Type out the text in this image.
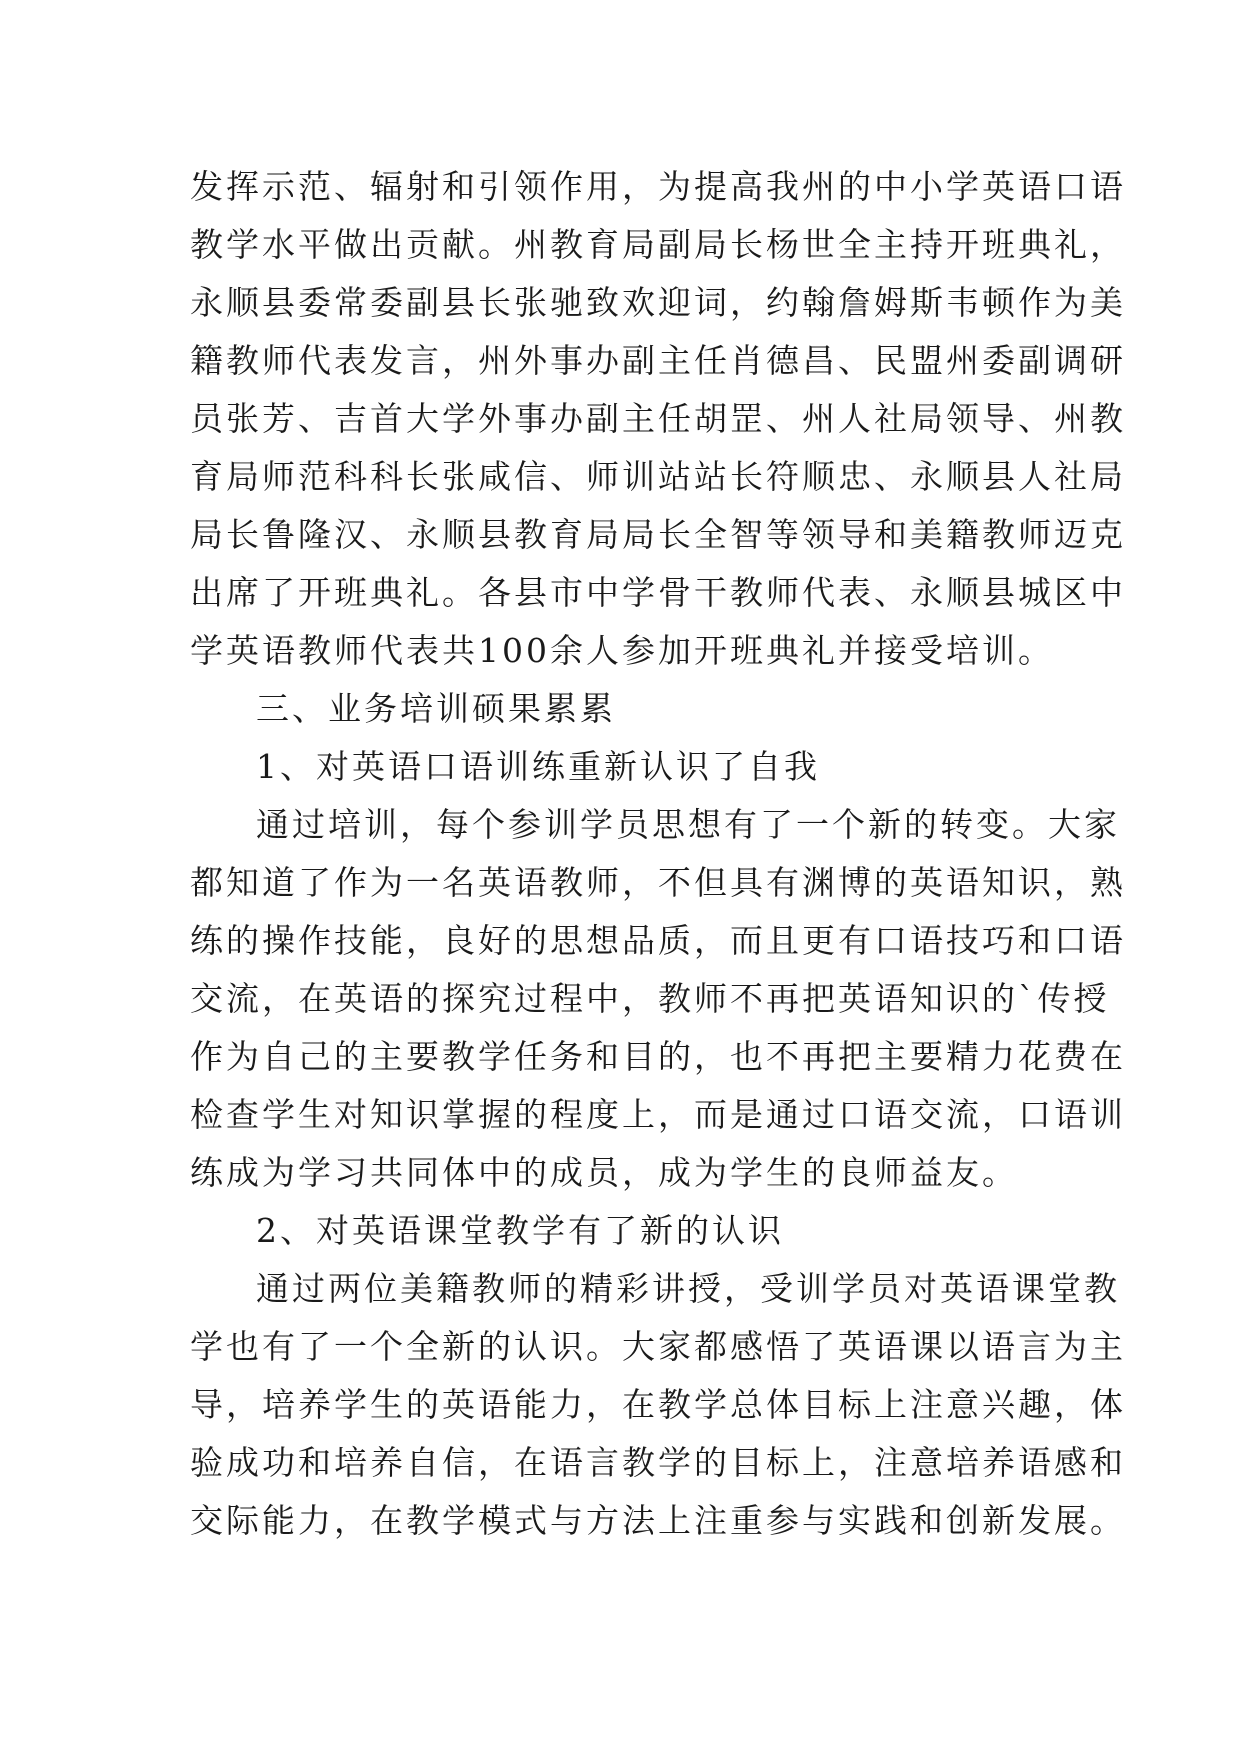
发挥示范、辐射和引领作用，为提高我州的中小学英语口语
教学水平做出贡献。州教育局副局长杨世全主持开班典礼，
永顺县委常委副县长张驰致欢迎词，约翰詹姆斯韦顿作为美
籍教师代表发言，州外事办副主任肖德昌、民盟州委副调研
员张芳、吉首大学外事办副主任胡罡、州人社局领导、州教
育局师范科科长张咸信、师训站站长符顺忠、永顺县人社局
局长鲁隆汉、永顺县教育局局长全智等领导和美籍教师迈克
出席了开班典礼。各县市中学骨干教师代表、永顺县城区中
学英语教师代表共100余人参加开班典礼并接受培训。
三、业务培训硕果累累
1、对英语口语训练重新认识了自我
通过培训，每个参训学员思想有了一个新的转变。大家
都知道了作为一名英语教师，不但具有渊博的英语知识，熟
练的操作技能，良好的思想品质，而且更有口语技巧和口语
交流，在英语的探究过程中，教师不再把英语知识的`传授
作为自己的主要教学任务和目的，也不再把主要精力花费在
检查学生对知识掌握的程度上，而是通过口语交流，口语训
练成为学习共同体中的成员，成为学生的良师益友。
2、对英语课堂教学有了新的认识
通过两位美籍教师的精彩讲授，受训学员对英语课堂教
学也有了一个全新的认识。大家都感悟了英语课以语言为主
导，培养学生的英语能力，在教学总体目标上注意兴趣，体
验成功和培养自信，在语言教学的目标上，注意培养语感和
交际能力，在教学模式与方法上注重参与实践和创新发展。
